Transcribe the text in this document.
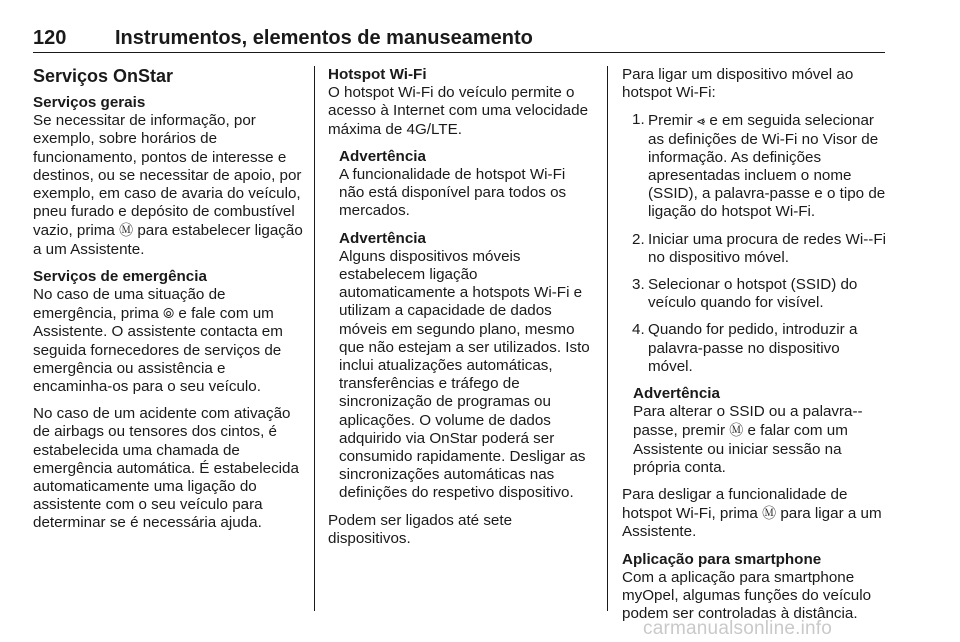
120 Instrumentos, elementos de manuseamento
Serviços OnStar
Serviços gerais

Se necessitar de informação, por exemplo, sobre horários de funcionamento, pontos de interesse e destinos, ou se necessitar de apoio, por exemplo, em caso de avaria do veículo, pneu furado e depósito de combustível vazio, prima Ⓜ para estabelecer ligação a um Assistente.

Serviços de emergência

No caso de uma situação de emergência, prima ⦾ e fale com um Assistente. O assistente contacta em seguida fornecedores de serviços de emergência ou assistência e encaminha-os para o seu veículo.

No caso de um acidente com ativação de airbags ou tensores dos cintos, é estabelecida uma chamada de emergência automática. É estabelecida automaticamente uma ligação do assistente com o seu veículo para determinar se é necessária ajuda.

Hotspot Wi-Fi

O hotspot Wi-Fi do veículo permite o acesso à Internet com uma velocidade máxima de 4G/LTE.

Advertência
A funcionalidade de hotspot Wi-Fi não está disponível para todos os mercados.
Advertência
Alguns dispositivos móveis estabelecem ligação automaticamente a hotspots Wi-Fi e utilizam a capacidade de dados móveis em segundo plano, mesmo que não estejam a ser utilizados. Isto inclui atualizações automáticas, transferências e tráfego de sincronização de programas ou aplicações. O volume de dados adquirido via OnStar poderá ser consumido rapidamente. Desligar as sincronizações automáticas nas definições do respetivo dispositivo.

Podem ser ligados até sete dispositivos.

Para ligar um dispositivo móvel ao hotspot Wi-Fi:

1. Premir ⩹ e em seguida selecionar as definições de Wi-Fi no Visor de informação. As definições apresentadas incluem o nome (SSID), a palavra-passe e o tipo de ligação do hotspot Wi-Fi.
2. Iniciar uma procura de redes Wi--Fi no dispositivo móvel.
3. Selecionar o hotspot (SSID) do veículo quando for visível.
4. Quando for pedido, introduzir a palavra-passe no dispositivo móvel.
Advertência
Para alterar o SSID ou a palavra--passe, premir Ⓜ e falar com um Assistente ou iniciar sessão na própria conta.

Para desligar a funcionalidade de hotspot Wi-Fi, prima Ⓜ para ligar a um Assistente.

Aplicação para smartphone

Com a aplicação para smartphone myOpel, algumas funções do veículo podem ser controladas à distância.

carmanualsonline.info
